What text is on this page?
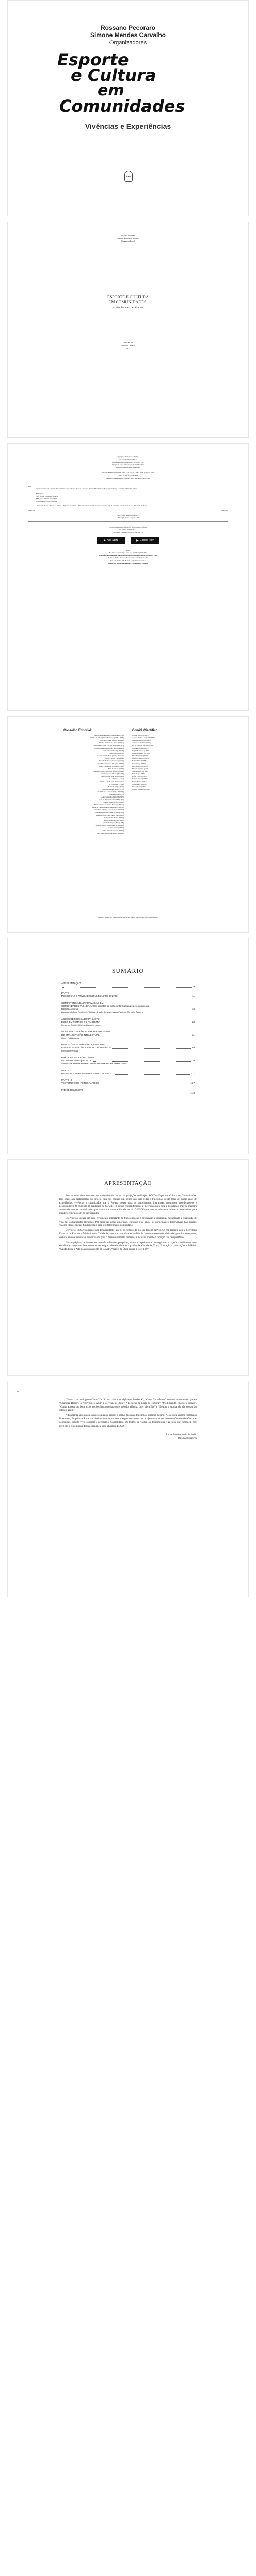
Rossano Pecoraro
Simone Mendes Carvalho
Organizadores
Esporte
e Cultura
em
Comunidades
Vivências e Experiências
CRV
Rossano Pecoraro
Simone Mendes Carvalho
(Organizadores)
ESPORTE E CULTURA
EM COMUNIDADES:
vivências e experiências
Editora CRV
Curitiba – Brasil
2021
Copyright © da Editora CRV Ltda.
Editor-chefe: Railson Moura
Diagramação e Capa: Designers da Editora CRV
Imagem da Capa: Shutterstock/Richard Lauchan
Revisão: Analista de Escrita e Artes
DADOS INTERNACIONAIS DE CATALOGAÇÃO NA PUBLICAÇÃO (CIP)
CATALOGAÇÃO NA FONTE
Bibliotecária Responsável: Luzenira Alves dos Santos CRB9/1506
E817
Esporte e cultura em comunidades: vivências e experiências / Rossano Pecoraro, Simone Mendes Carvalho (organizadores) – Curitiba : CRV, 2021. 146 p.
Bibliografia
ISBN Digital 978-65-251-0060-4
ISBN Físico 978-65-251-0063-6
DOI 10.24824/978652510060.4
1. Educação Física 2. Esporte – cultura 3. Esporte – cidadania 4. Extensão universitária I. Pecoraro, Rossano, org. II. Carvalho, Simone Mendes, org. III. Título IV. Série.
CDU 796	CDD 796
Índice para catálogo sistemático
1. Educação Física e Esporte – 796
ESTA OBRA TAMBÉM ENCONTRA-SE DISPONÍVEL
EM FORMATO DIGITAL.
CONHEÇA E BAIXE NOSSO APLICATIVO!
● App Store	▶ Google Play
2021
Foi feito o depósito legal conf. Lei 10.994 de 14/12/2004
Proibida a reprodução parcial ou total desta obra sem autorização da Editora CRV
Todos os direitos desta edição reservados pela: Editora CRV
Tel.: (41) 3039-6418 - E-mail: sac@editoracrv.com.br
Conheça os nossos lançamentos: www.editoracrv.com.br
Conselho Editorial:
Aldira Guimarães Duarte Domínguez (UNB)
Andréia da Silva Quintanilha Sousa (UNIR/UFRN)
Anselmo Alencar Colares (UFOPA)
Antônio Pereira Gaio Júnior (UFRRJ)
Carlos Alberto Vilar Estêvão (UMINHO – PT)
Carlos Federico Dominguez Avila (Unieuro)
Carmen Tereza Velanga (UNIR)
Celso Conti (UFSCar)
Cesar Gerónimo Tello (Univer .Nacional
Três de Febrero – Argentina)
Eduardo Fernandes Barbosa (UFMG)
Elione Maria Nogueira Diogenes (UFAL)
Elizeu Clementino de Souza (UNEB)
Élsio José Corá (UFFS)
Fernando Antônio Gonçalves Alcoforado (IPB)
Francisco Carlos Duarte (PUC-PR)
Gloria Fariñas León (Universidade
de La Havana – Cuba)
Guillermo Arias Beatón (Universidade
de La Havana – Cuba)
Helmuth Krüger (UCP)
Jailson Alves dos Santos (UFRJ)
João Adalberto Campato Junior (UNESP)
Josania Portela (UFPI)
Leonel Severo Rocha (UNISINOS)
Lídia de Oliveira Xavier (UNIEURO)
Lourdes Helena da Silva (UFV)
Maria Cristina dos Santos Bezerra (UFSCar)
Maria de Lourdes Pinto de Almeida (UNOESC)
Maria Lília Imbiriba Sousa Colares (UFOPA)
Paulo Romualdo Hernandes (UNIFAL-MG)
Renato Francisco dos Santos Paula (UFG)
Rodrigo Pratte-Santos (UFES)
Sérgio Nunes de Jesus (IFRO)
Simone Rodrigues Pinto (UNB)
Solange Helena Ximenes-Rocha (UFOPA)
Sydione Santos (UEPG)
Tadeu Oliver Gonçalves (UFPA)
Tania Suely Azevedo Brasileiro (UFOPA)
Comitê Científico:
Adilson Ribeiro (UFSC)
Adriana Ramos Araújo (UNIFAP)
Ana Beatriz Uchôa (UFRN)
Antonio Maria Dias (UFSC)
Carlos Eduardo Miranda (UNB)
Cristiane Oliveira (IFCE)
Dagma Boranova (UFPE)
Elisete Tomazetti (UFSM)
Fábio Fernandes (UFJF)
Gustavo Paes (UNICAMP)
Helena Lima (UFPB)
Josias Braga (UFRJ)
Luis Martins (UFRGS)
Marcelo Vinícius (UnB)
Mariana Silva (UFRN)
Pedro Lopes (UFF)
Rafael Costa (UESB)
Roberta Nunes (UFMA)
Sandra Freitas (UFC)
Thiago Pires (UFGD)
Valéria Souza (UFBA)
Wagner Teixeira (UFSCar)
Este livro passou por avaliação e aprovação às cegas de dois ou mais pareceristas ad hoc.
SUMÁRIO
APRESENTAÇÃO
9
PARTE I
PESQUISAS E ATIVIDADES DAS EQUIPES UNIRIO	11
COMPETÊNCIA DA INFORMAÇÃO EM
COMUNIDADES VULNERÁVEIS: projetos de ações informacionais pelo campo da Biblioteconomia	13
Dayanne da Silva Prudêncio / Tatiane Aragão Barbosa / Anna Paula de Carvalho Scatena
AÇÕES DE MÚSICA DO PROJETO
ECCO EM TEMPOS DE PANDEMIA	23
Fernando Araújo / Melissa Carvalho Lopes
A OFICINA LITERÁRIA COMO FERRAMENTA
DE EMANCIPAÇÃO INTELECTUAL	31
Karen Faldas Alves
REFLEXÕES SOBRE ÉTICA, ESPORTE
E FILOSOFIA NA ÉPOCA DO CORONAVÍRUS	69
Rossano Pecoraro
PRÁTICAS EM SAÚDE: vivem
e convivem no Projeto ECCO	79
Vanessa de Almeida Ferreira Corrêa / Armanda da Silva Pereira Mattos
PARTE II
RELATOS E DEPOIMENTOS – NÚCLEOS ECCO	117
PARTE III
TESTEMUNHOS FOTOGRÁFICOS	137
ÍNDICE REMISSIVO
143
APRESENTAÇÃO

Este livro foi desenvolvido com o objetivo de dar voz às projeções do Projeto ECCO – Esporte e Cultura em Comunidades. Das vozes aos participantes do Projeto cuja nos contam um pouco das suas vidas e trajetórias, desde mais de quatro anos de experiências, vivências e significados que o Projeto trouxe para os participantes, instrutores, monitores, coordenadores e pesquisadores. O contexto da pandemia de COVID-19 trouxe ressignificações e incertezas para toda a população, mas de maneira acentuada para as comunidades que vivem em vulnerabilidade social. O ECCO precisou se reinventar e buscar alternativas para manter o vínculo com os participantes.

Os Projetos sociais são uma ferramenta importante de transformação e promovem a cidadania, melhorando a qualidade de vida das comunidades atendidas. Por meio das ações esportivas, culturais e de saúde, os participantes desenvolvem habilidades, valores e laços sociais fundamentais para o fortalecimento comunitário.

O Projeto ECCO realizado pela Universidade Federal do Estado do Rio de Janeiro (UNIRIO) em parceria com a Secretaria Especial do Esporte – Ministério da Cidadania, atua em comunidades do Rio de Janeiro oferecendo atividades gratuitas de esporte, cultura, saúde e educação, contribuindo para o desenvolvimento humano, a inclusão social e a redução das desigualdades.

Nessas páginas, os leitores encontrarão reflexões, pesquisas, relatos e depoimentos que registram a trajetória do Projeto, seus desafios e conquistas, bem como as estratégias adotadas durante a pandemia. Cidadania, Ética, Educação e construções solidárias: “Saúde, Ética e Arte no enfrentamento da Covid”, “Práxis de Ética contra a Covid-19”.

10

“Como criar um logo no Canva?” e “Como criar uma página no Facebook”, “Canto Coro-Junto”, comunicação coletiva para o “Chamber Room”, a “Surviúbles Azul” e as “Janelas Rosa”, “Técnicas de prato de cozinha” “Modificando emissões sociais”. “Como acessar um bom texto: noções introdutórias sobre método, ciência, fazer científico” e “Leitura e escrita não são coisas tão difíceis assim”.

A Pandemia aproximou os nossos planos, propôs o sonho. Nós não desistimos. Virgínio mesmo. Nesses dez visores chamamos Rossiníssa, Emprima e Luns por direitos e colaborar com o seguindo a volta dos projetos e as vozes que compõem os desafios e as conquistas, esporte-vivo, concreto e necessário. Consolidado. Os textos, os relatos, os depoimentos e as fotos que compõem este livro são o testemunho desta experiência vital chamada ECCO!

Rio de Janeiro, maio de 2021.
Os Organizadores
